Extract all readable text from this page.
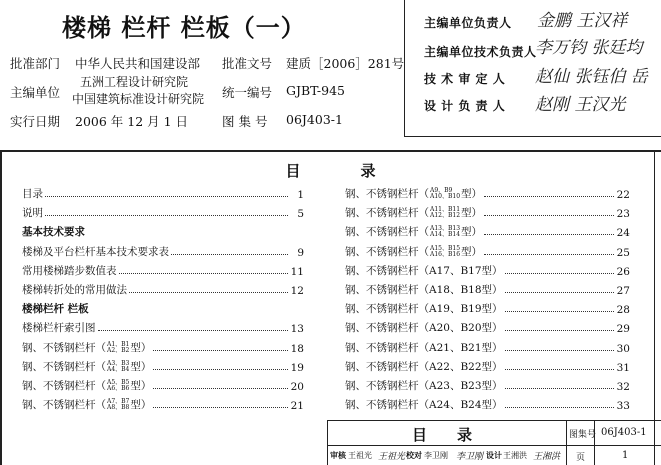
楼梯 栏杆 栏板（一）
批准部门 中华人民共和国建设部 批准文号 建质［2006］281号
主编单位
五洲工程设计研究院
中国建筑标准设计研究院 统一编号 GJBT-945
实行日期 2006 年 12 月 1 日	图 集 号 06J403-1
主编单位负责人 金鹏 王汉祥
主编单位技术负责人
李万钧 张廷均
技 术 审 定 人 赵仙 张钰伯 岳
设 计 负 责 人 赵刚 王汉光
目录
目录	1
说明	5
基本技术要求
楼梯及平台栏杆基本技术要求表	9
常用楼梯踏步数值表	11
楼梯转折处的常用做法	12
楼梯栏杆 栏板
楼梯栏杆索引图	13
钢、不锈钢栏杆（ A1、B1
A2、B2 型）	18
钢、不锈钢栏杆（ A3、B3
A4、B4 型）	19
钢、不锈钢栏杆（ A5、B5
A6、B6 型）	20
钢、不锈钢栏杆（ A7、B7
A8、B8 型）	21
钢、不锈钢栏杆（ A9、B9
A10、B10 型）	22
钢、不锈钢栏杆（ A11、B11
A12、B12 型）	23
钢、不锈钢栏杆（ A13、B13
A14、B14 型）	24
钢、不锈钢栏杆（ A15、B15
A16、B16 型）	25
钢、不锈钢栏杆（A17、B17型）	26
钢、不锈钢栏杆（A18、B18型）	27
钢、不锈钢栏杆（A19、B19型）	28
钢、不锈钢栏杆（A20、B20型）	29
钢、不锈钢栏杆（A21、B21型）	30
钢、不锈钢栏杆（A22、B22型）	31
钢、不锈钢栏杆（A23、B23型）	32
钢、不锈钢栏杆（A24、B24型）	33
目录	图集号 06J403-1
页	1
审核 王祖光 王祖光 校对 李卫刚 李卫刚 设计 王湘洪 王湘洪
